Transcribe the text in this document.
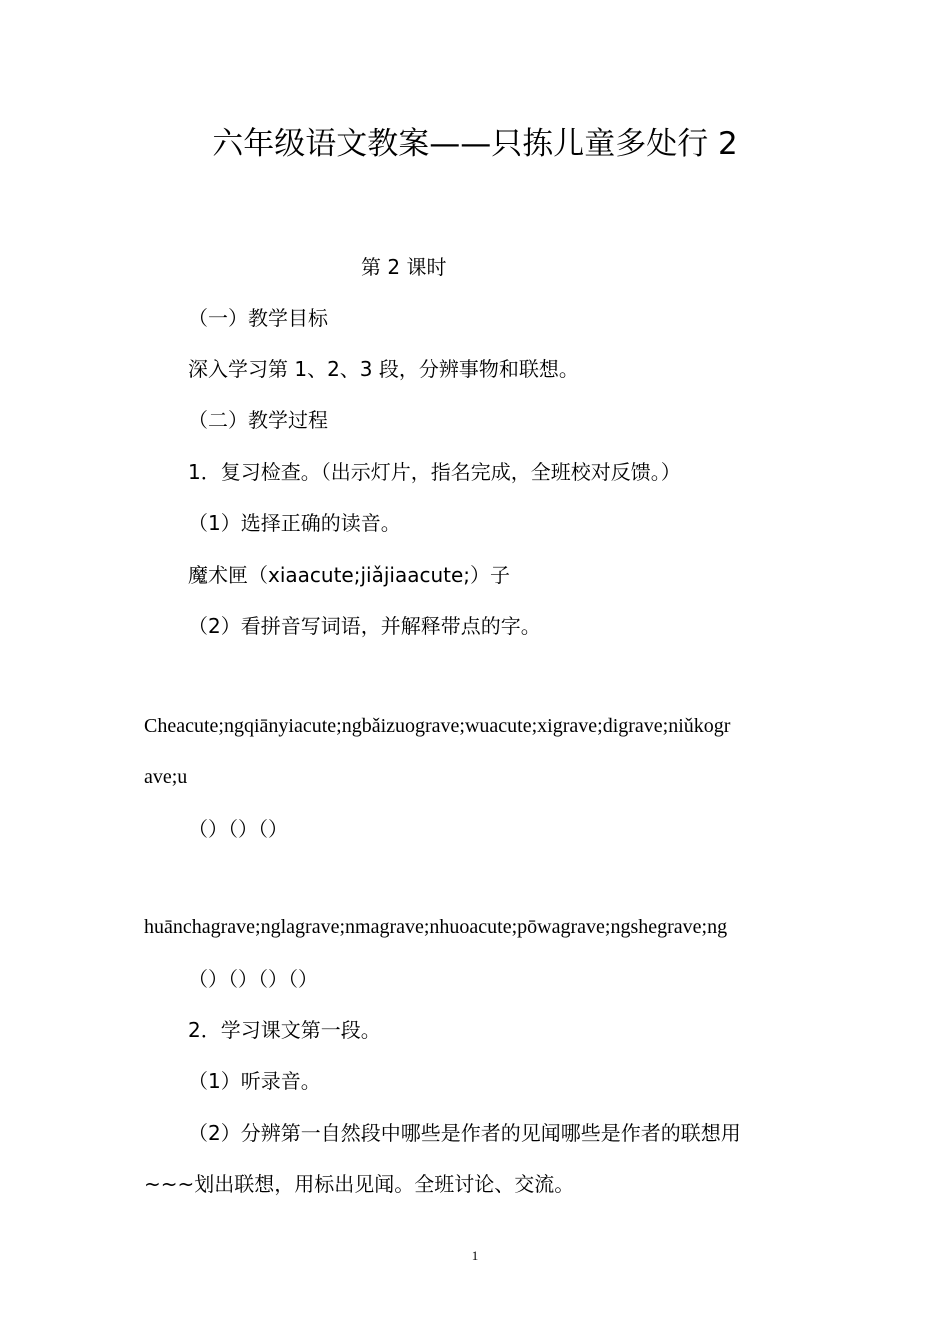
六年级语文教案——只拣儿童多处行 2

第 2 课时

（一）教学目标

深入学习第 1、2、3 段，分辨事物和联想。

（二）教学过程

1．复习检查。（出示灯片，指名完成，全班校对反馈。）

（1）选择正确的读音。

魔术匣（xiaacute;jiǎjiaacute;）子

（2）看拼音写词语，并解释带点的字。

Cheacute;ngqiānyiacute;ngbǎizuograve;wuacute;xigrave;digrave;niǔkogr

ave;u

（）（）（）

huānchagrave;nglagrave;nmagrave;nhuoacute;pōwagrave;ngshegrave;ng

（）（）（）（）

2．学习课文第一段。

（1）听录音。

（2）分辨第一自然段中哪些是作者的见闻哪些是作者的联想用

~~~划出联想，用标出见闻。全班讨论、交流。

1
